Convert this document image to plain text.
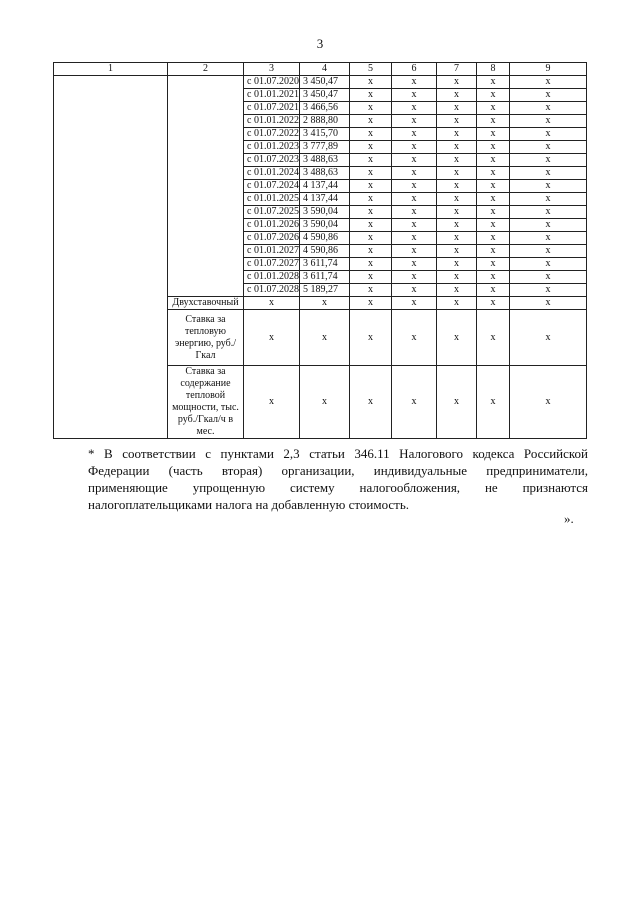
3
1	2	3	4	5	6	7	8	9
		с 01.07.2020	3 450,47	х	х	х	х	х
		с 01.01.2021	3 450,47	х	х	х	х	х
		с 01.07.2021	3 466,56	х	х	х	х	х
		с 01.01.2022	2 888,80	х	х	х	х	х
		с 01.07.2022	3 415,70	х	х	х	х	х
		с 01.01.2023	3 777,89	х	х	х	х	х
		с 01.07.2023	3 488,63	х	х	х	х	х
		с 01.01.2024	3 488,63	х	х	х	х	х
		с 01.07.2024	4 137,44	х	х	х	х	х
		с 01.01.2025	4 137,44	х	х	х	х	х
		с 01.07.2025	3 590,04	х	х	х	х	х
		с 01.01.2026	3 590,04	х	х	х	х	х
		с 01.07.2026	4 590,86	х	х	х	х	х
		с 01.01.2027	4 590,86	х	х	х	х	х
		с 01.07.2027	3 611,74	х	х	х	х	х
		с 01.01.2028	3 611,74	х	х	х	х	х
		с 01.07.2028	5 189,27	х	х	х	х	х
	Двухставочный	х	х	х	х	х	х	х
	Ставка за тепловую энергию, руб./Гкал	х	х	х	х	х	х	х
	Ставка за содержание тепловой мощности, тыс. руб./Гкал/ч в мес.	х	х	х	х	х	х	х
* В соответствии с пунктами 2,3 статьи 346.11 Налогового кодекса Российской Федерации (часть вторая) организации, индивидуальные предприниматели, применяющие упрощенную систему налогообложения, не признаются налогоплательщиками налога на добавленную стоимость.
».
